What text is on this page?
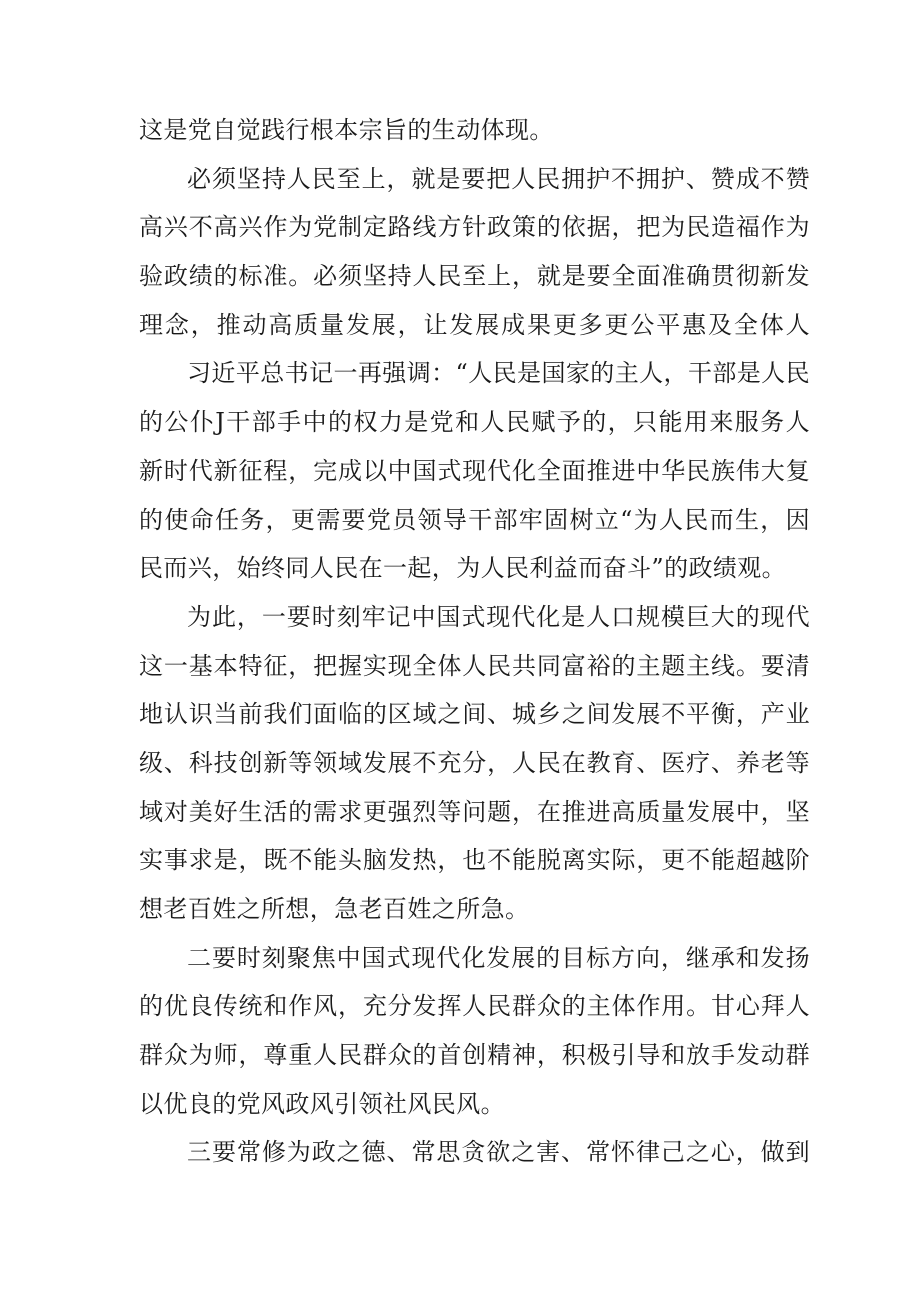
这是党自觉践行根本宗旨的生动体现。
必须坚持人民至上，就是要把人民拥护不拥护、赞成不赞
高兴不高兴作为党制定路线方针政策的依据，把为民造福作为
验政绩的标准。必须坚持人民至上，就是要全面准确贯彻新发
理念，推动高质量发展，让发展成果更多更公平惠及全体人
习近平总书记一再强调：“人民是国家的主人，干部是人民
的公仆J干部手中的权力是党和人民赋予的，只能用来服务人
新时代新征程，完成以中国式现代化全面推进中华民族伟大复
的使命任务，更需要党员领导干部牢固树立“为人民而生，因
民而兴，始终同人民在一起，为人民利益而奋斗”的政绩观。
为此，一要时刻牢记中国式现代化是人口规模巨大的现代
这一基本特征，把握实现全体人民共同富裕的主题主线。要清
地认识当前我们面临的区域之间、城乡之间发展不平衡，产业
级、科技创新等领域发展不充分，人民在教育、医疗、养老等
域对美好生活的需求更强烈等问题，在推进高质量发展中，坚
实事求是，既不能头脑发热，也不能脱离实际，更不能超越阶
想老百姓之所想，急老百姓之所急。
二要时刻聚焦中国式现代化发展的目标方向，继承和发扬
的优良传统和作风，充分发挥人民群众的主体作用。甘心拜人
群众为师，尊重人民群众的首创精神，积极引导和放手发动群
以优良的党风政风引领社风民风。
三要常修为政之德、常思贪欲之害、常怀律己之心，做到
